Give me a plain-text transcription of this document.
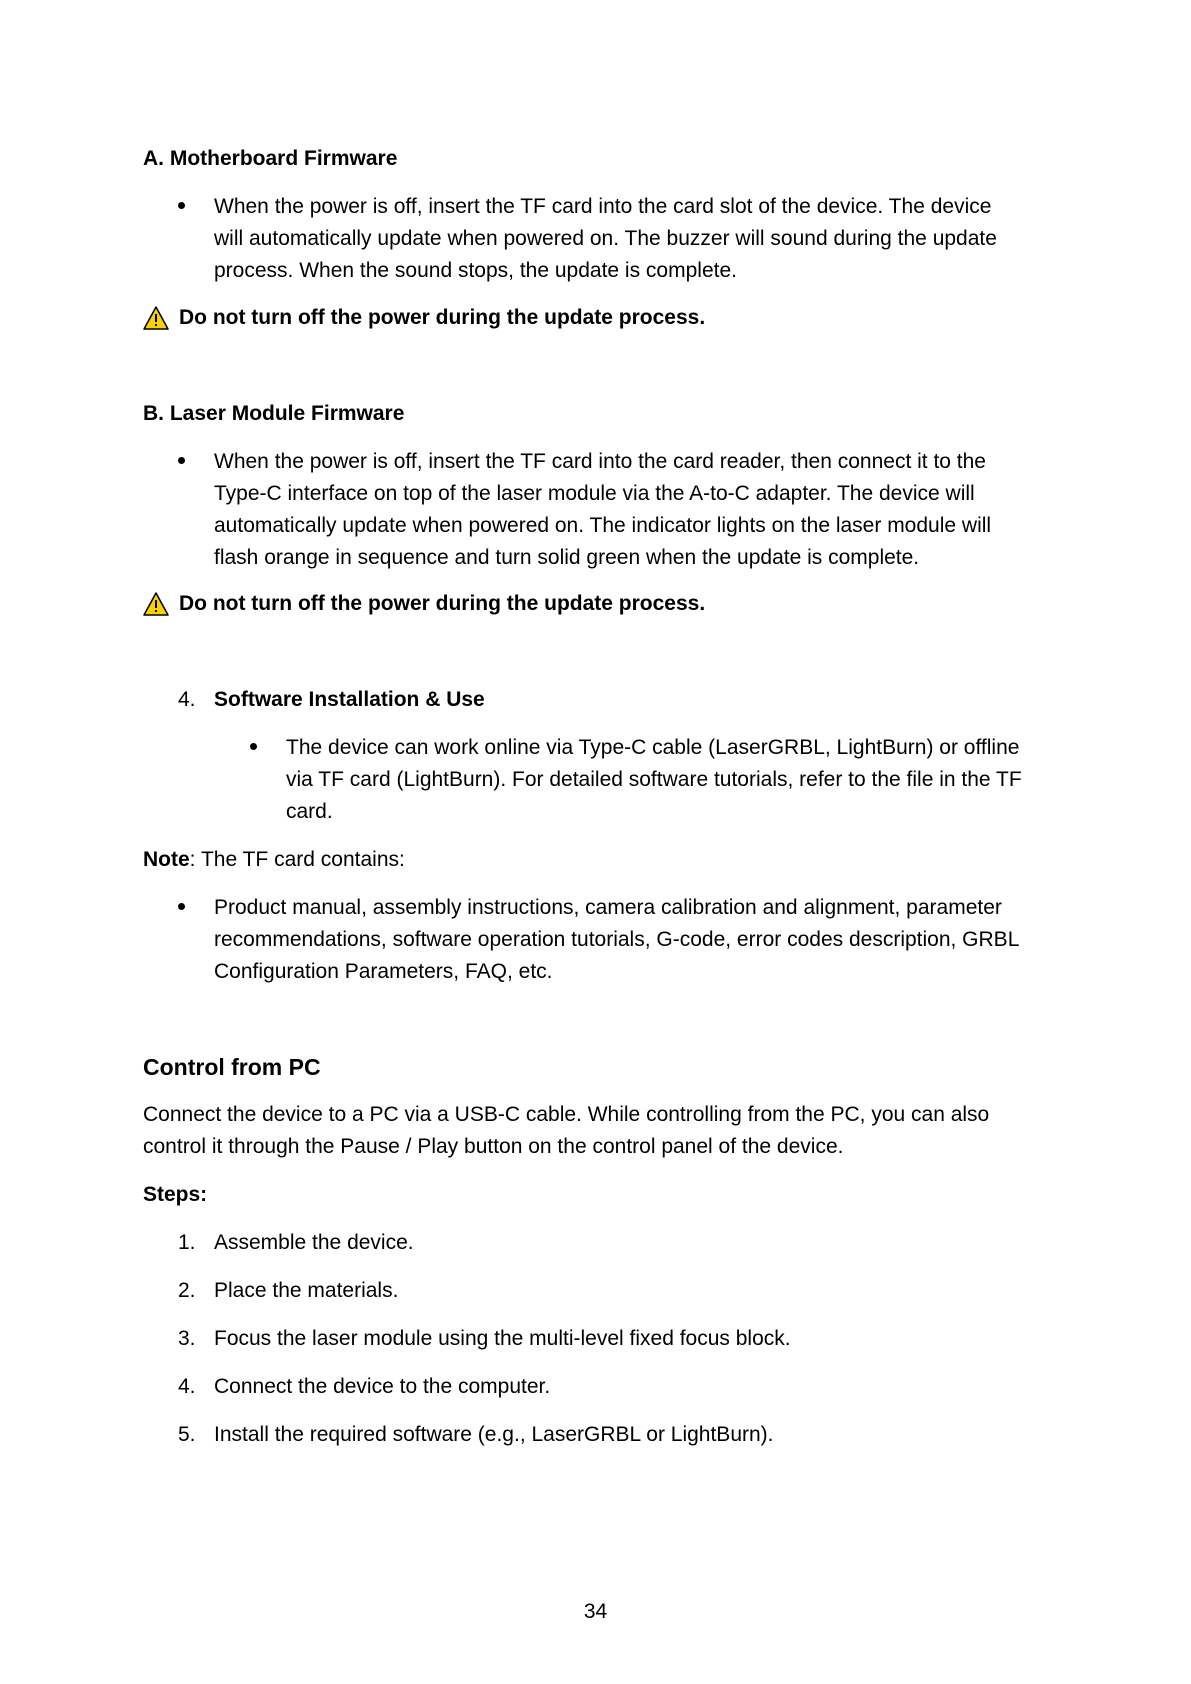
A. Motherboard Firmware
When the power is off, insert the TF card into the card slot of the device. The device
will automatically update when powered on. The buzzer will sound during the update
process. When the sound stops, the update is complete.
Do not turn off the power during the update process.
B. Laser Module Firmware
When the power is off, insert the TF card into the card reader, then connect it to the
Type-C interface on top of the laser module via the A-to-C adapter. The device will
automatically update when powered on. The indicator lights on the laser module will
flash orange in sequence and turn solid green when the update is complete.
Do not turn off the power during the update process.
4. Software Installation & Use
The device can work online via Type-C cable (LaserGRBL, LightBurn) or offline
via TF card (LightBurn). For detailed software tutorials, refer to the file in the TF
card.
Note: The TF card contains:
Product manual, assembly instructions, camera calibration and alignment, parameter
recommendations, software operation tutorials, G-code, error codes description, GRBL
Configuration Parameters, FAQ, etc.
Control from PC
Connect the device to a PC via a USB-C cable. While controlling from the PC, you can also
control it through the Pause / Play button on the control panel of the device.
Steps:
1. Assemble the device.
2. Place the materials.
3. Focus the laser module using the multi-level fixed focus block.
4. Connect the device to the computer.
5. Install the required software (e.g., LaserGRBL or LightBurn).
34
